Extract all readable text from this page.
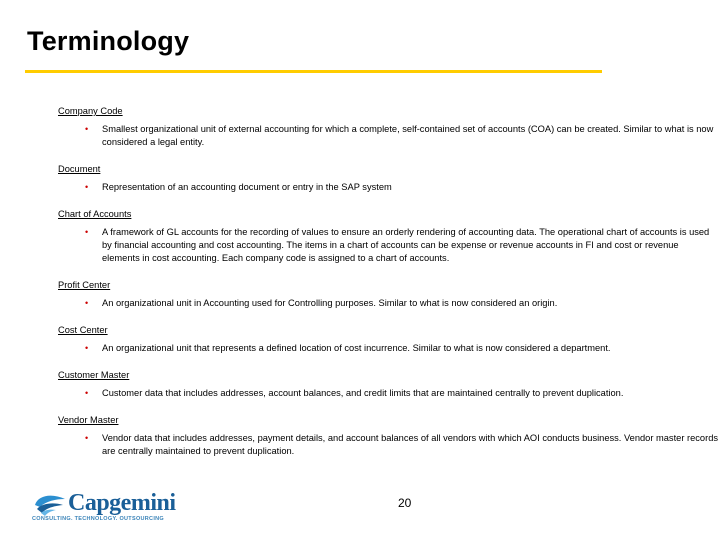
Terminology
Company Code
• Smallest organizational unit of external accounting for which a complete, self-contained set of accounts (COA) can be created. Similar to what is now considered a legal entity.
Document
• Representation of an accounting document or entry in the SAP system
Chart of Accounts
• A framework of GL accounts for the recording of values to ensure an orderly rendering of accounting data. The operational chart of accounts is used by financial accounting and cost accounting. The items in a chart of accounts can be expense or revenue accounts in FI and cost or revenue elements in cost accounting. Each company code is assigned to a chart of accounts.
Profit Center
• An organizational unit in Accounting used for Controlling purposes. Similar to what is now considered an origin.
Cost Center
• An organizational unit that represents a defined location of cost incurrence. Similar to what is now considered a department.
Customer Master
• Customer data that includes addresses, account balances, and credit limits that are maintained centrally to prevent duplication.
Vendor Master
• Vendor data that includes addresses, payment details, and account balances of all vendors with which AOI conducts business. Vendor master records are centrally maintained to prevent duplication.
Capgemini
CONSULTING. TECHNOLOGY. OUTSOURCING
20
